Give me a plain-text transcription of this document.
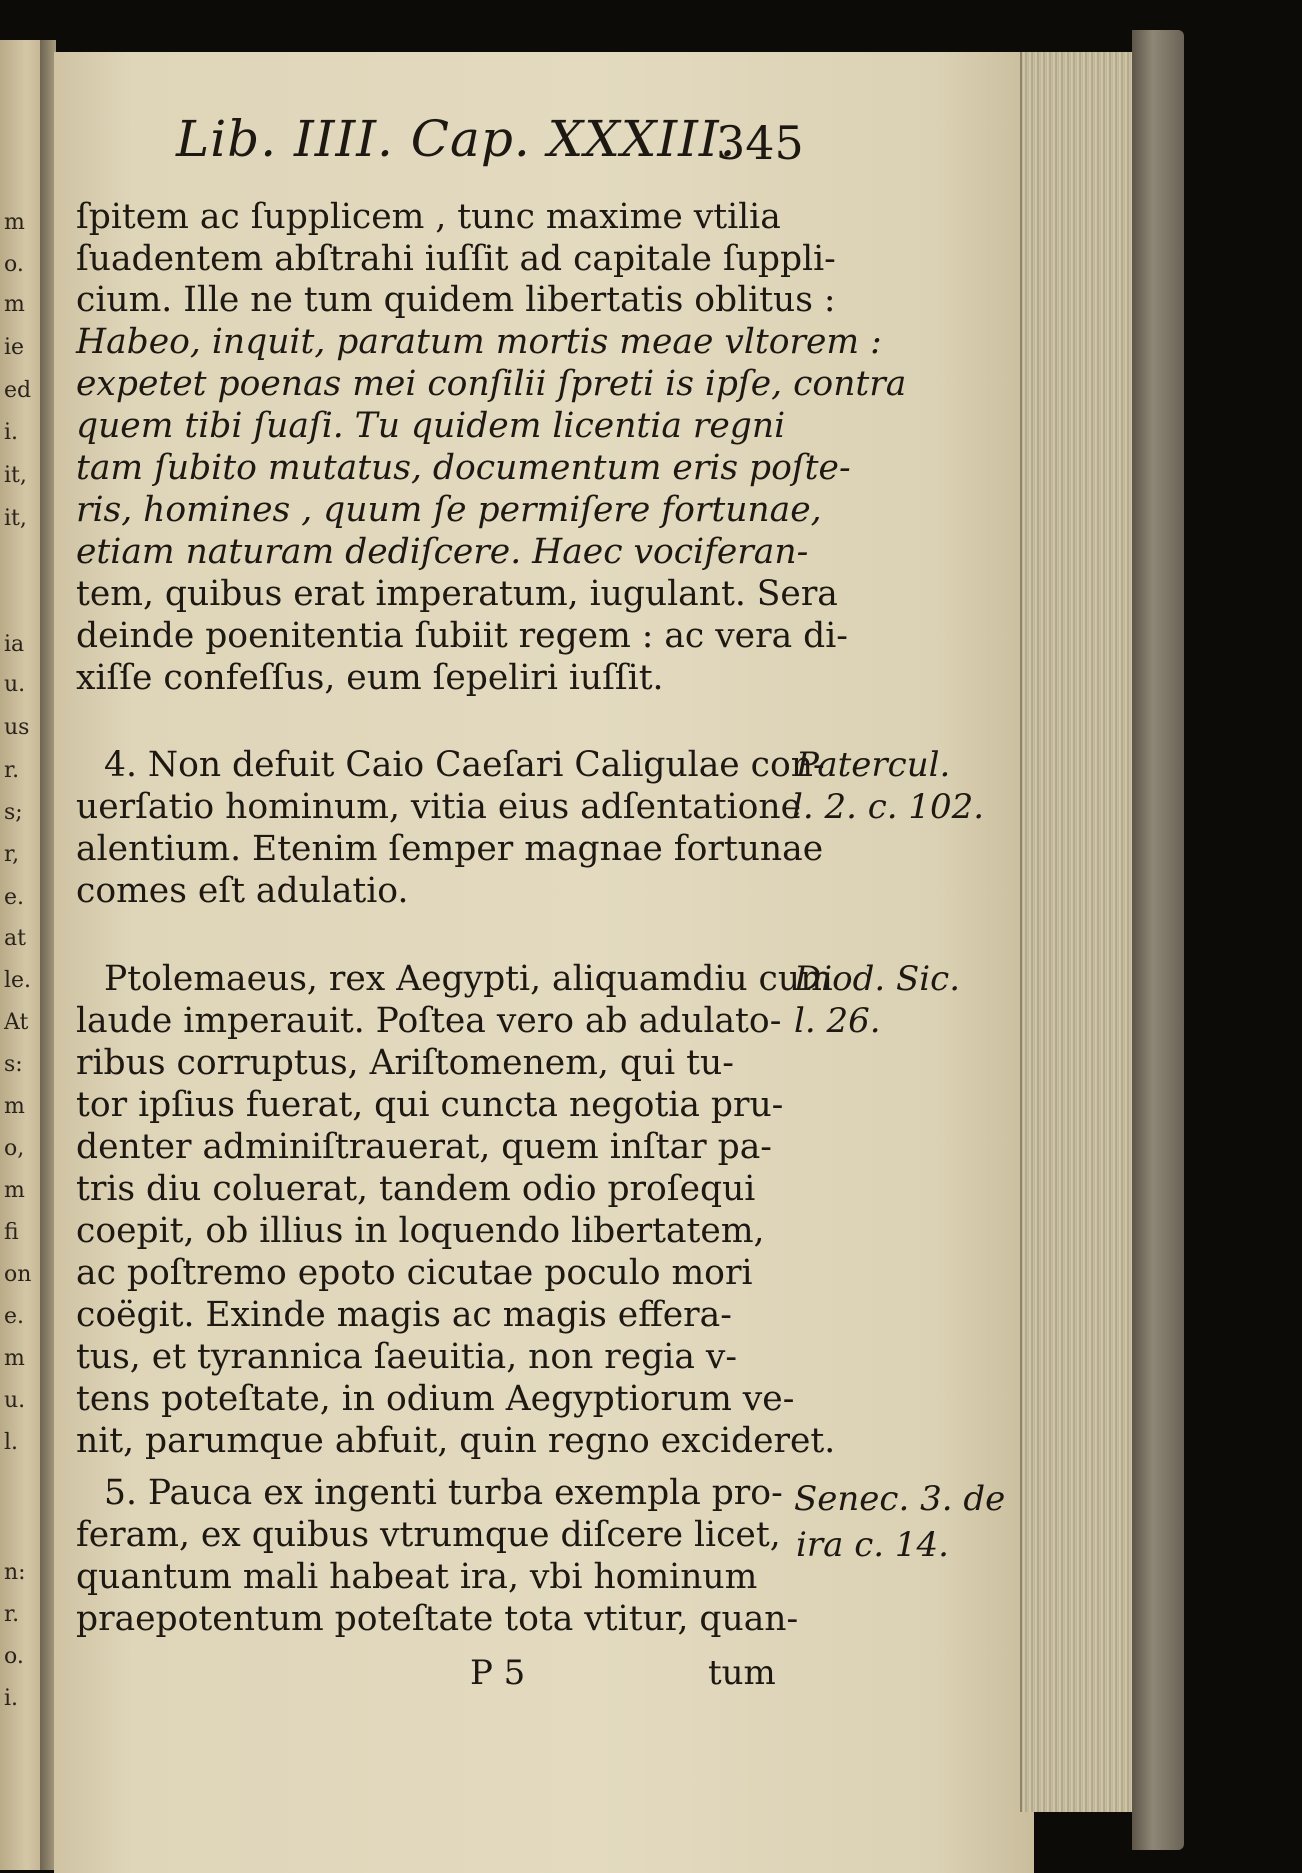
m
o.
m
ie
ed
i.
it,
it,
ia
u.
us
r.
s;
r,
e.
at
le.
At
s:
m
o,
m
fi
on
e.
m
u.
l.
n:
r.
o.
i.
Lib. IIII. Cap. XXXIII.
345
ſpitem ac ſupplicem , tunc maxime vtilia
ſuadentem abſtrahi iuſſit ad capitale ſuppli-
cium. Ille ne tum quidem libertatis oblitus :
Habeo, inquit, paratum mortis meae vltorem :
expetet poenas mei conſilii ſpreti is ipſe, contra
quem tibi ſuaſi. Tu quidem licentia regni
tam ſubito mutatus, documentum eris poſte-
ris, homines , quum ſe permiſere fortunae,
etiam naturam dediſcere. Haec vociferan-
tem, quibus erat imperatum, iugulant. Sera
deinde poenitentia ſubiit regem : ac vera di-
xiſſe confeſſus, eum ſepeliri iuſſit.
4. Non defuit Caio Caeſari Caligulae con-
uerſatio hominum, vitia eius adſentatione
alentium. Etenim ſemper magnae fortunae
comes eſt adulatio.
Ptolemaeus, rex Aegypti, aliquamdiu cum
laude imperauit. Poſtea vero ab adulato-
ribus corruptus, Ariſtomenem, qui tu-
tor ipſius fuerat, qui cuncta negotia pru-
denter adminiſtrauerat, quem inſtar pa-
tris diu coluerat, tandem odio proſequi
coepit, ob illius in loquendo libertatem,
ac poſtremo epoto cicutae poculo mori
coëgit. Exinde magis ac magis effera-
tus, et tyrannica ſaeuitia, non regia v-
tens poteſtate, in odium Aegyptiorum ve-
nit, parumque abfuit, quin regno excideret.
5. Pauca ex ingenti turba exempla pro-
feram, ex quibus vtrumque diſcere licet,
quantum mali habeat ira, vbi hominum
praepotentum poteſtate tota vtitur, quan-
Patercul.
l. 2. c. 102.
Diod. Sic.
l. 26.
Senec. 3. de
ira c. 14.
P 5	tum
